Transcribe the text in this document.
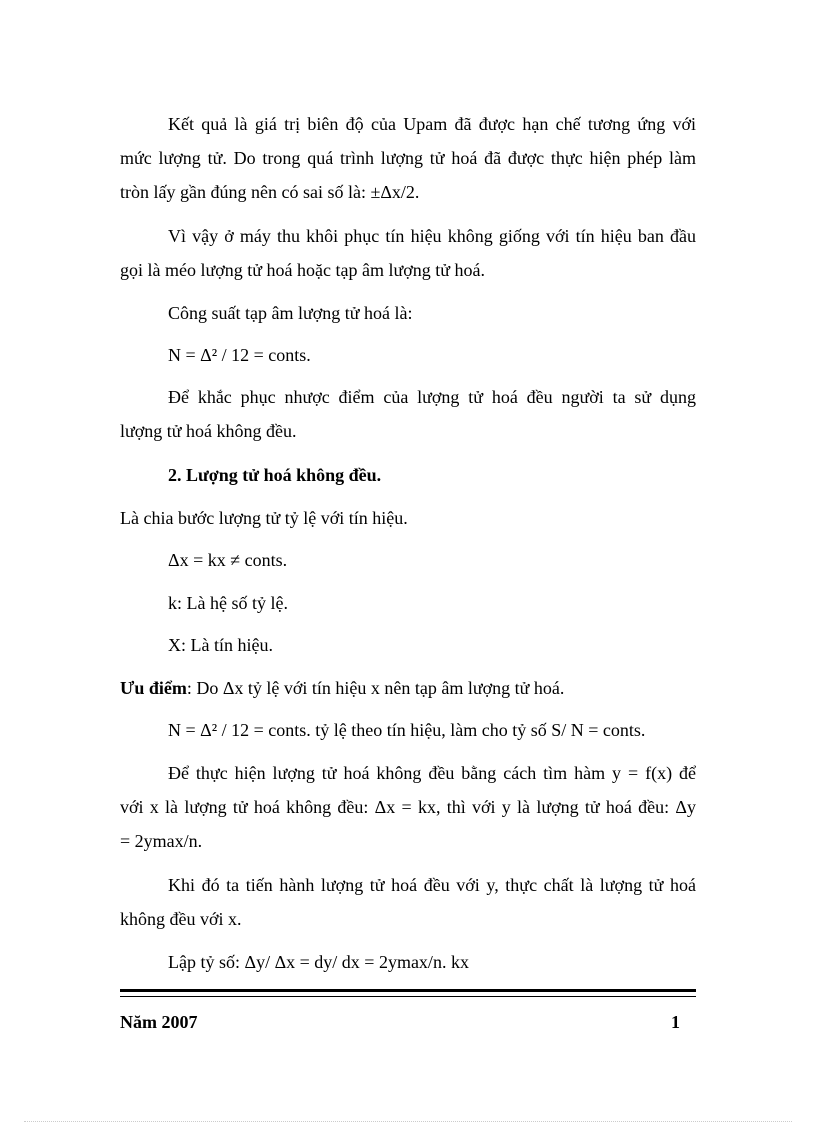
Kết quả là giá trị biên độ của Upam đã được hạn chế tương ứng với
mức lượng tử. Do trong quá trình lượng tử hoá đã được thực hiện phép làm
tròn lấy gần đúng nên có sai số là: ±Δx/2.
Vì vậy ở máy thu khôi phục tín hiệu không giống với tín hiệu ban đầu
gọi là méo lượng tử hoá hoặc tạp âm lượng tử hoá.
Công suất tạp âm lượng tử hoá là:
N = Δ² / 12 = conts.
Để khắc phục nhược điểm của lượng tử hoá đều người ta sử dụng
lượng tử hoá không đều.
2. Lượng tử hoá không đều.
Là chia bước lượng tử tỷ lệ với tín hiệu.
Δx = kx ≠ conts.
k: Là hệ số tỷ lệ.
X: Là tín hiệu.
Ưu điểm: Do Δx tỷ lệ với tín hiệu x nên tạp âm lượng tử hoá.
N = Δ² / 12 = conts. tỷ lệ theo tín hiệu, làm cho tỷ số S/ N = conts.
Để thực hiện lượng tử hoá không đều bằng cách tìm hàm y = f(x) để
với x là lượng tử hoá không đều: Δx = kx, thì với y là lượng tử hoá đều: Δy
= 2ymax/n.
Khi đó ta tiến hành lượng tử hoá đều với y, thực chất là lượng tử hoá
không đều với x.
Lập tỷ số: Δy/ Δx = dy/ dx = 2ymax/n. kx
Năm 2007	1
